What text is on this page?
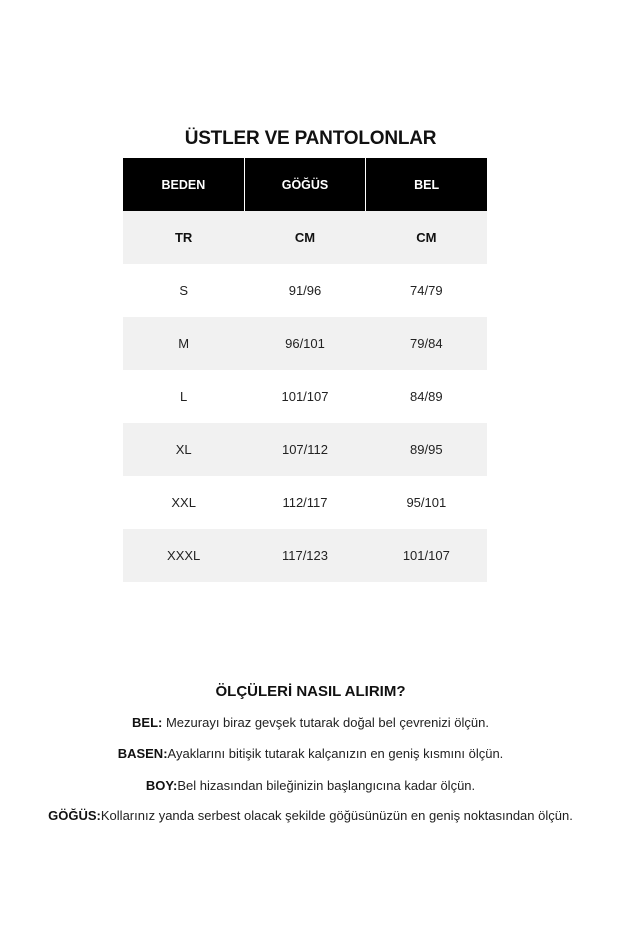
ÜSTLER VE PANTOLONLAR
BEDEN	GÖĞÜS	BEL
TR	CM	CM
S	91/96	74/79
M	96/101	79/84
L	101/107	84/89
XL	107/112	89/95
XXL	112/117	95/101
XXXL	117/123	101/107
ÖLÇÜLERİ NASIL ALIRIM?
BEL: Mezurayı biraz gevşek tutarak doğal bel çevrenizi ölçün.
BASEN:Ayaklarını bitişik tutarak kalçanızın en geniş kısmını ölçün.
BOY:Bel hizasından bileğinizin başlangıcına kadar ölçün.
GÖĞÜS:Kollarınız yanda serbest olacak şekilde göğüsünüzün en geniş noktasından ölçün.
